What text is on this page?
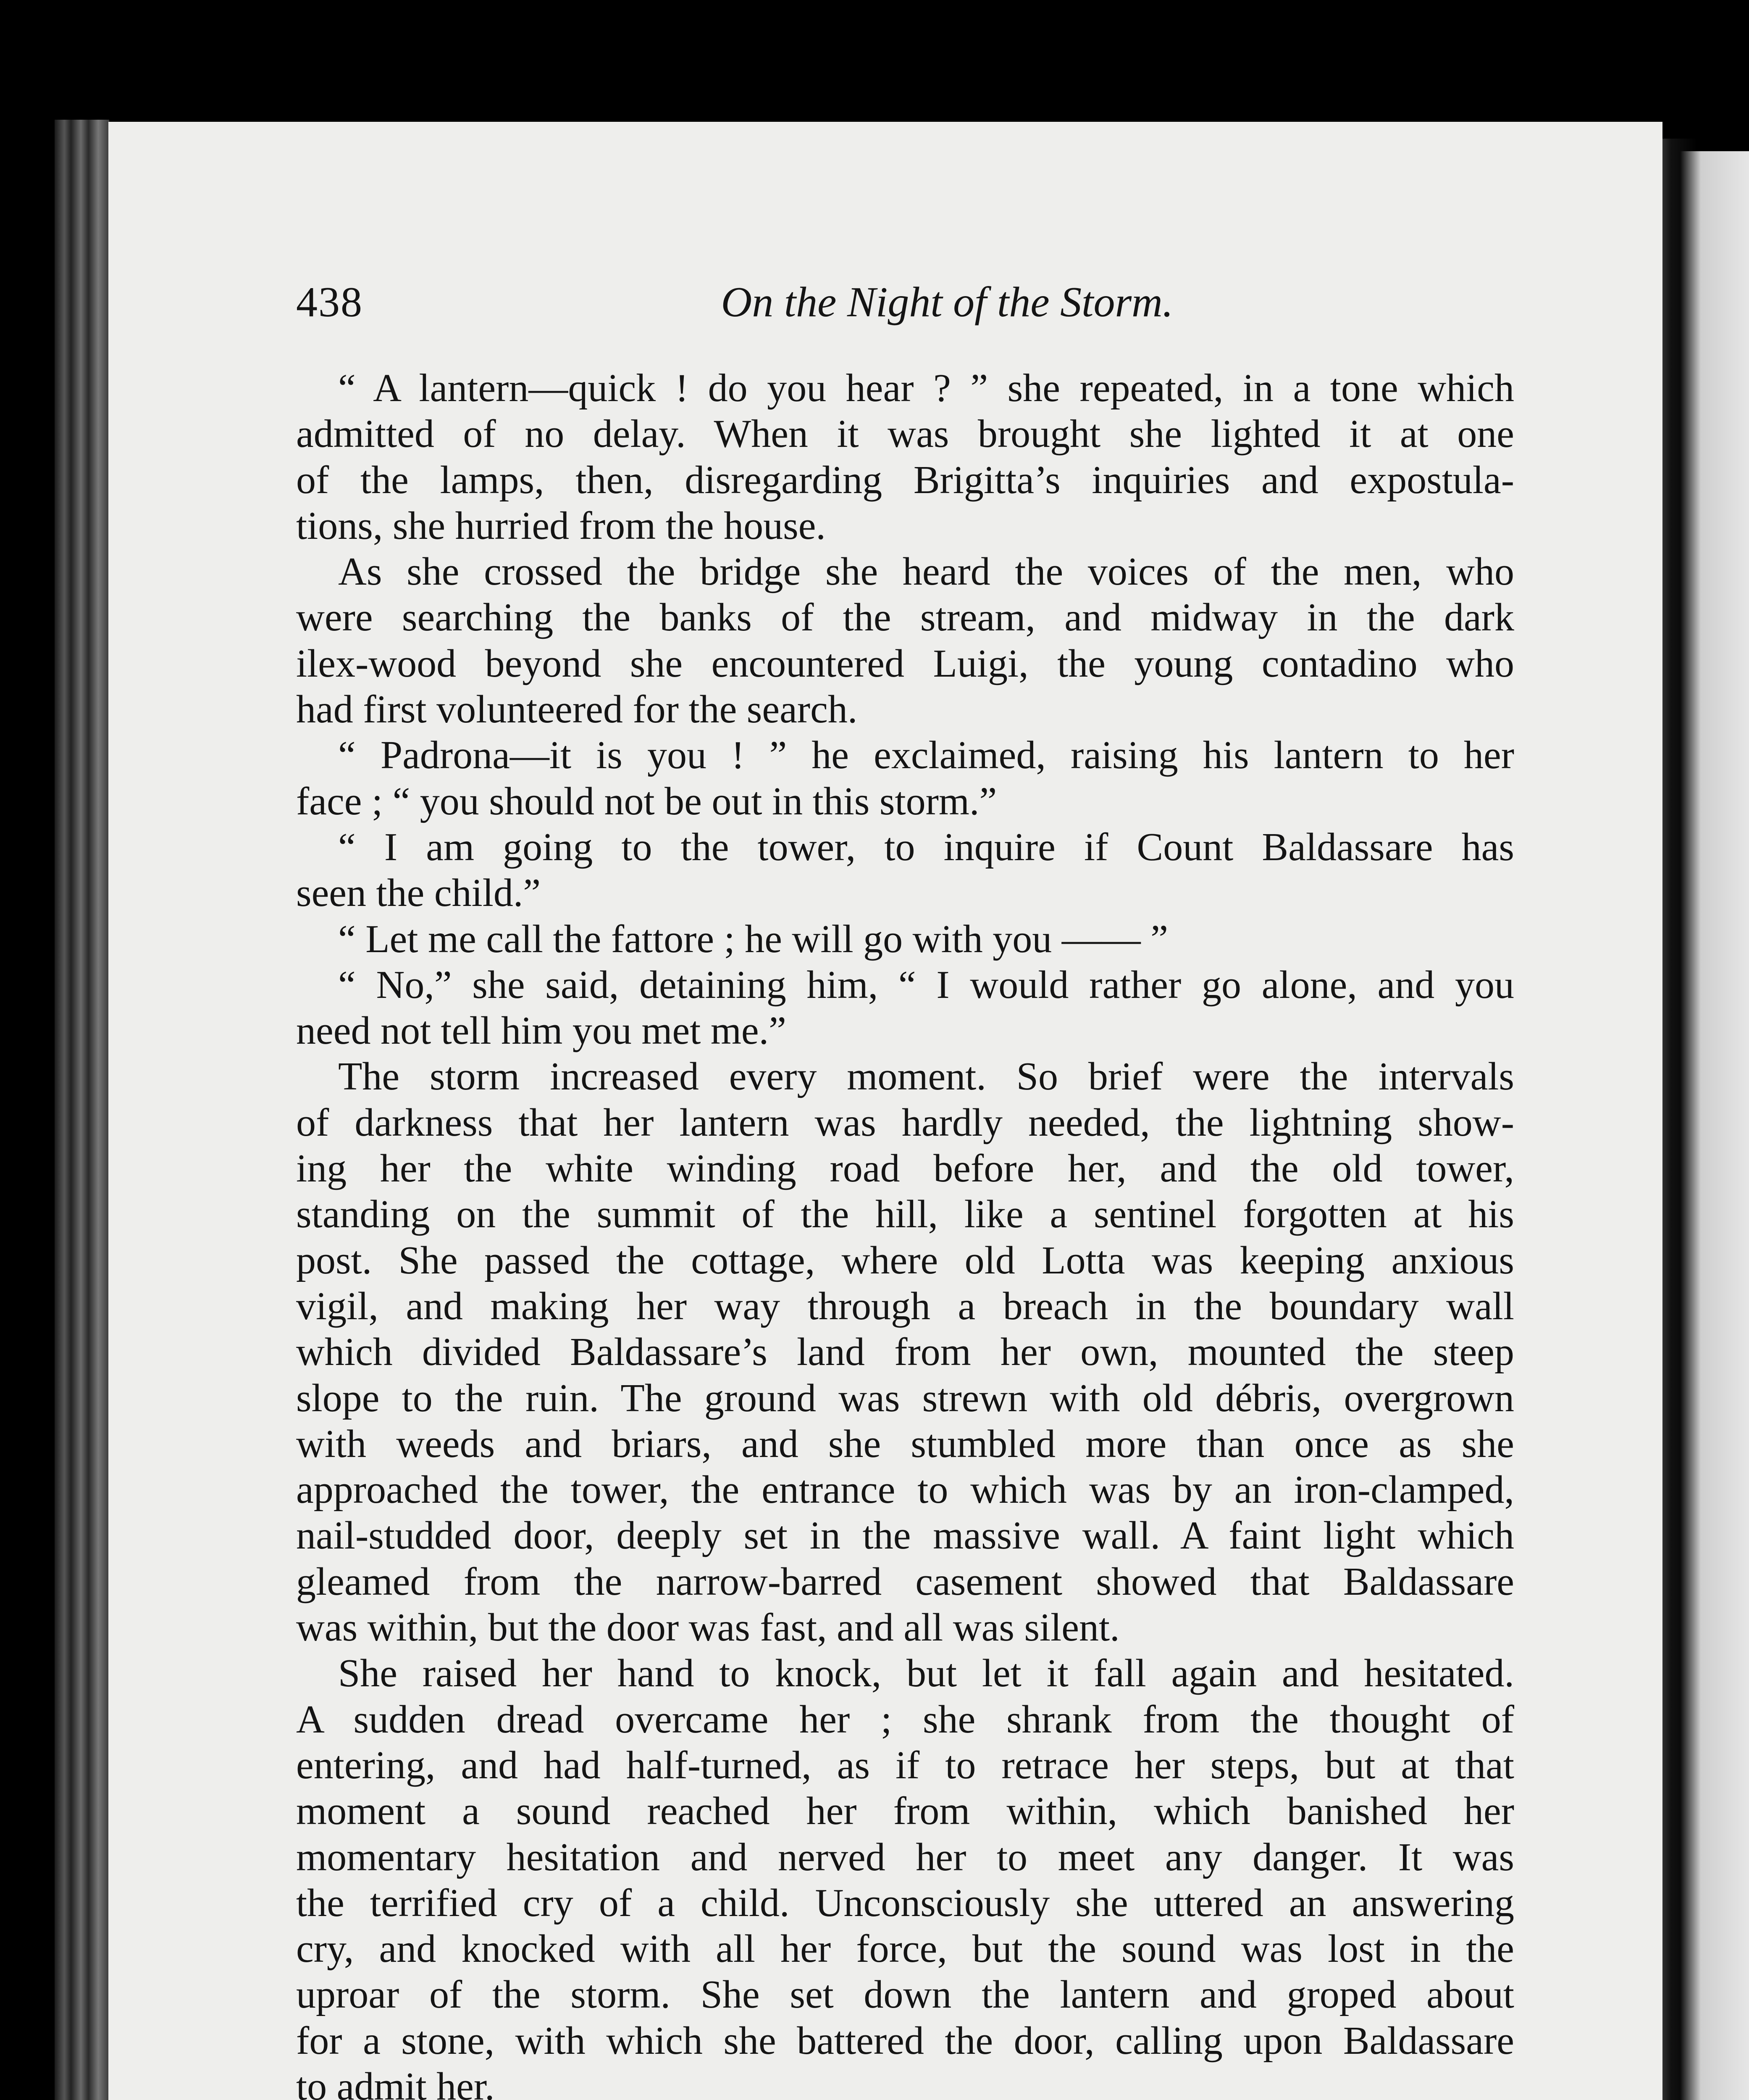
438	On the Night of the Storm.
“ A lantern—quick ! do you hear ? ” she repeated, in a tone which
admitted of no delay. When it was brought she lighted it at one
of the lamps, then, disregarding Brigitta’s inquiries and expostula-
tions, she hurried from the house.
As she crossed the bridge she heard the voices of the men, who
were searching the banks of the stream, and midway in the dark
ilex-wood beyond she encountered Luigi, the young contadino who
had first volunteered for the search.
“ Padrona—it is you ! ” he exclaimed, raising his lantern to her
face ; “ you should not be out in this storm.”
“ I am going to the tower, to inquire if Count Baldassare has
seen the child.”
“ Let me call the fattore ; he will go with you —— ”
“ No,” she said, detaining him, “ I would rather go alone, and you
need not tell him you met me.”
The storm increased every moment. So brief were the intervals
of darkness that her lantern was hardly needed, the lightning show-
ing her the white winding road before her, and the old tower,
standing on the summit of the hill, like a sentinel forgotten at his
post. She passed the cottage, where old Lotta was keeping anxious
vigil, and making her way through a breach in the boundary wall
which divided Baldassare’s land from her own, mounted the steep
slope to the ruin. The ground was strewn with old débris, overgrown
with weeds and briars, and she stumbled more than once as she
approached the tower, the entrance to which was by an iron-clamped,
nail-studded door, deeply set in the massive wall. A faint light which
gleamed from the narrow-barred casement showed that Baldassare
was within, but the door was fast, and all was silent.
She raised her hand to knock, but let it fall again and hesitated.
A sudden dread overcame her ; she shrank from the thought of
entering, and had half-turned, as if to retrace her steps, but at that
moment a sound reached her from within, which banished her
momentary hesitation and nerved her to meet any danger. It was
the terrified cry of a child. Unconsciously she uttered an answering
cry, and knocked with all her force, but the sound was lost in the
uproar of the storm. She set down the lantern and groped about
for a stone, with which she battered the door, calling upon Baldassare
to admit her.
